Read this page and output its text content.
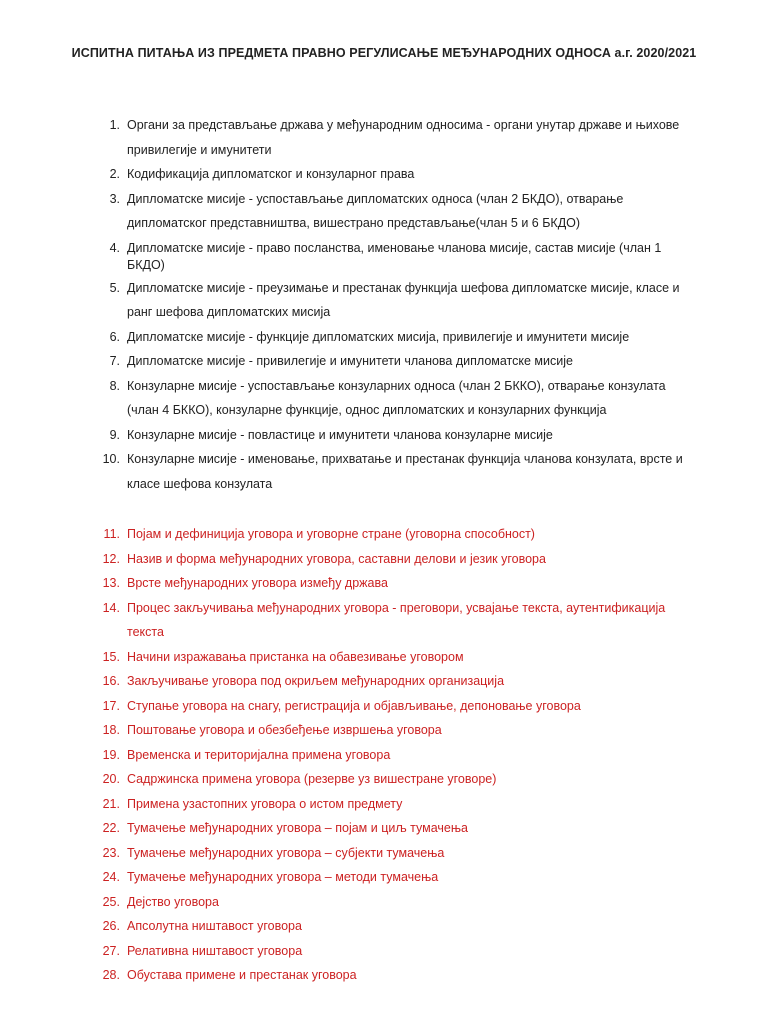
ИСПИТНА ПИТАЊА ИЗ ПРЕДМЕТА ПРАВНО РЕГУЛИСАЊЕ МЕЂУНАРОДНИХ ОДНОСА а.г. 2020/2021
1. Органи за представљање држава у међународним односима - органи унутар државе и њихове привилегије и имунитети
2. Кодификација дипломатског и конзуларног права
3. Дипломатске мисије - успостављање дипломатских односа (члан 2 БКДО), отварање дипломатског представништва, вишестрано представљање(члан 5 и 6 БКДО)
4. Дипломатске мисије - право посланства, именовање чланова мисије, састав мисије (члан 1 БКДО)
5. Дипломатске мисије - преузимање и престанак функција шефова дипломатске мисије, класе и ранг шефова дипломатских мисија
6. Дипломатске мисије - функције дипломатских мисија, привилегије и имунитети мисије
7. Дипломатске мисије - привилегије и имунитети чланова дипломатске мисије
8. Конзуларне мисије - успостављање конзуларних односа (члан 2 БККО), отварање конзулата (члан 4 БККО), конзуларне функције, однос дипломатских и конзуларних функција
9. Конзуларне мисије - повластице и имунитети чланова конзуларне мисије
10. Конзуларне мисије - именовање, прихватање и престанак функција чланова конзулата, врсте и класе шефова конзулата
11. Појам и дефиниција уговора и уговорне стране (уговорна способност)
12. Назив и форма међународних уговора, саставни делови и језик уговора
13. Врсте међународних уговора између држава
14. Процес закључивања међународних уговора - преговори, усвајање текста, аутентификација текста
15. Начини изражавања пристанка на обавезивање уговором
16. Закључивање уговора под окриљем међународних организација
17. Ступање уговора на снагу, регистрација и објављивање, депоновање уговора
18. Поштовање уговора и обезбеђење извршења уговора
19. Временска и територијална примена уговора
20. Садржинска примена уговора (резерве уз вишестране уговоре)
21. Примена узастопних уговора о истом предмету
22. Тумачење међународних уговора – појам и циљ тумачења
23. Тумачење међународних уговора – субјекти тумачења
24. Тумачење међународних уговора – методи тумачења
25. Дејство уговора
26. Апсолутна ништавост уговора
27. Релативна ништавост уговора
28. Обустава примене и престанак уговора
